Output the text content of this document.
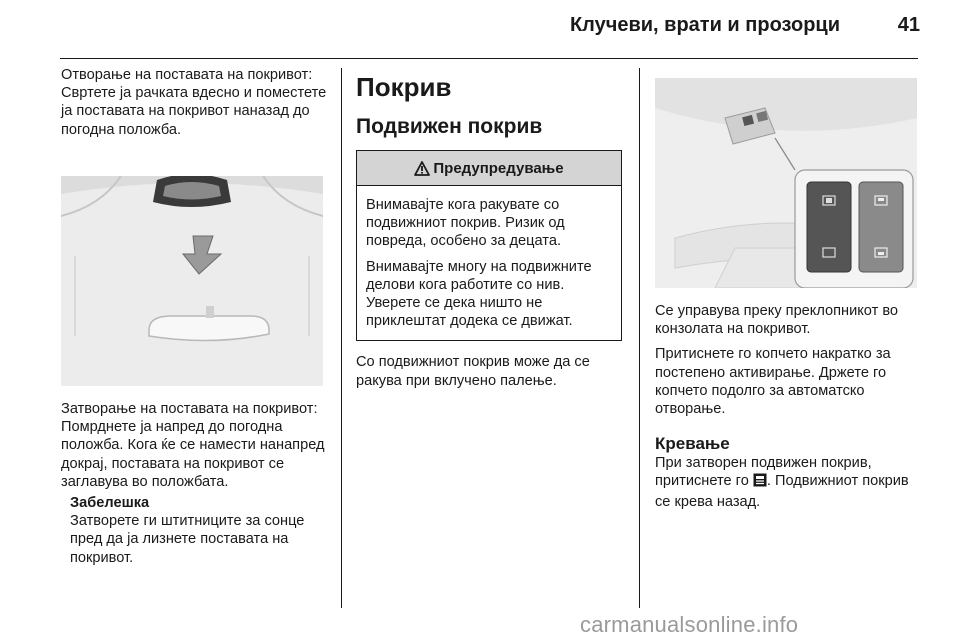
Клучеви, врати и прозорци	41

Отворање на поставата на покривот: Свртете ја рачката вдесно и поместете ја поставата на покривот наназад до погодна положба.

Затворање на поставата на покривот: Помрднете ја напред до погодна положба. Кога ќе се намести нанапред докрај, поставата на покривот се заглавува во положбата.

Забелешка

Затворете ги штитниците за сонце пред да ја лизнете поставата на покривот.

Покрив
Подвижен покрив
Предупредување

Внимавајте кога ракувате со подвижниот покрив. Ризик од повреда, особено за децата.

Внимавајте многу на подвижните делови кога работите со нив. Уверете се дека ништо не приклештат додека се движат.

Со подвижниот покрив може да се ракува при вклучено палење.

Се управува преку преклопникот во конзолата на покривот.

Притиснете го копчето накратко за постепено активирање. Држете го копчето подолго за автоматско отворање.

Кревање

При затворен подвижен покрив, притиснете го . Подвижниот покрив се крева назад.

carmanualsonline.info
